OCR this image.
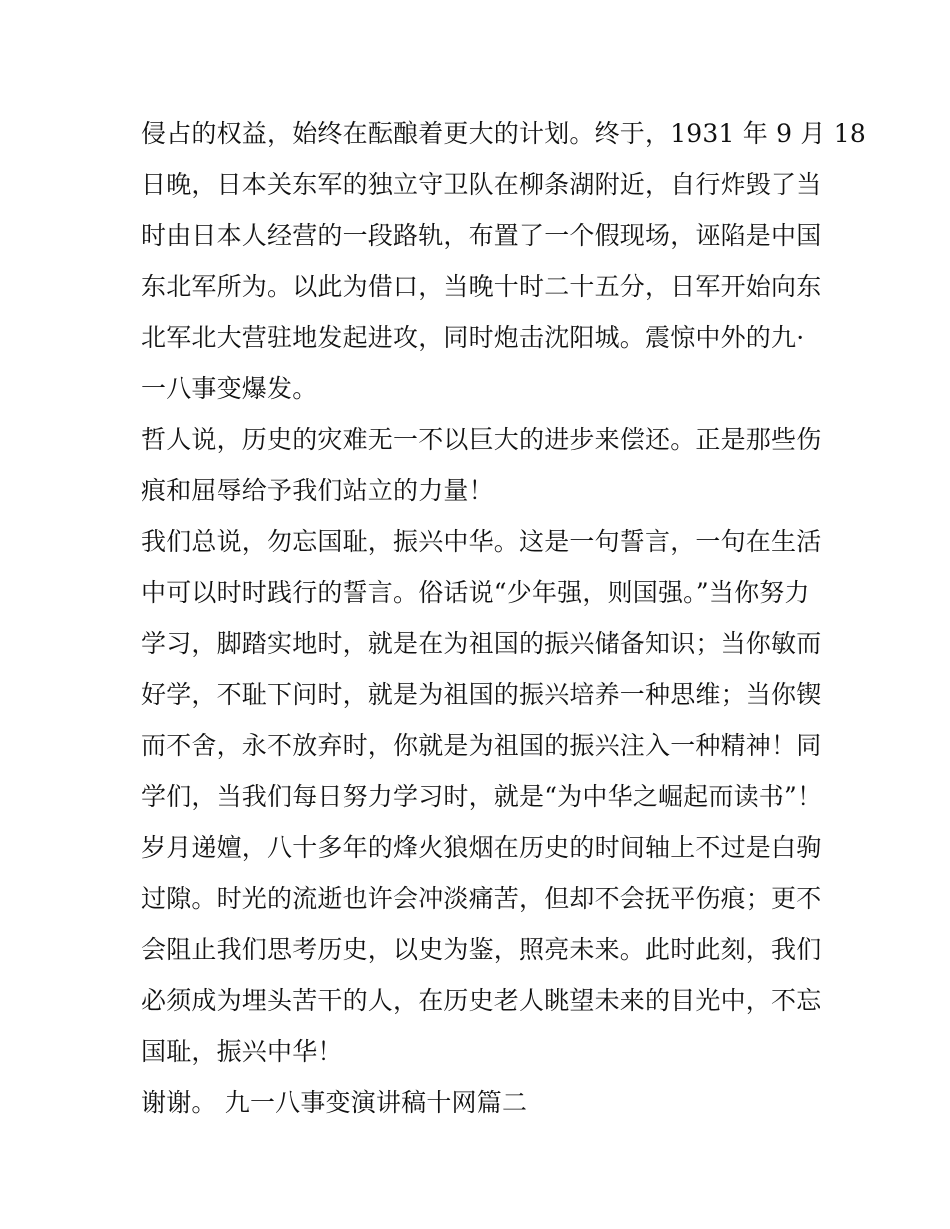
侵占的权益，始终在酝酿着更大的计划。终于，1931 年 9 月 18
日晚，日本关东军的独立守卫队在柳条湖附近，自行炸毁了当
时由日本人经营的一段路轨，布置了一个假现场，诬陷是中国
东北军所为。以此为借口，当晚十时二十五分，日军开始向东
北军北大营驻地发起进攻，同时炮击沈阳城。震惊中外的九·
一八事变爆发。
哲人说，历史的灾难无一不以巨大的进步来偿还。正是那些伤
痕和屈辱给予我们站立的力量！
我们总说，勿忘国耻，振兴中华。这是一句誓言，一句在生活
中可以时时践行的誓言。俗话说“少年强，则国强。”当你努力
学习，脚踏实地时，就是在为祖国的振兴储备知识；当你敏而
好学，不耻下问时，就是为祖国的振兴培养一种思维；当你锲
而不舍，永不放弃时，你就是为祖国的振兴注入一种精神！同
学们，当我们每日努力学习时，就是“为中华之崛起而读书”！
岁月递嬗，八十多年的烽火狼烟在历史的时间轴上不过是白驹
过隙。时光的流逝也许会冲淡痛苦，但却不会抚平伤痕；更不
会阻止我们思考历史，以史为鉴，照亮未来。此时此刻，我们
必须成为埋头苦干的人，在历史老人眺望未来的目光中，不忘
国耻，振兴中华！
谢谢。 九一八事变演讲稿十网篇二
